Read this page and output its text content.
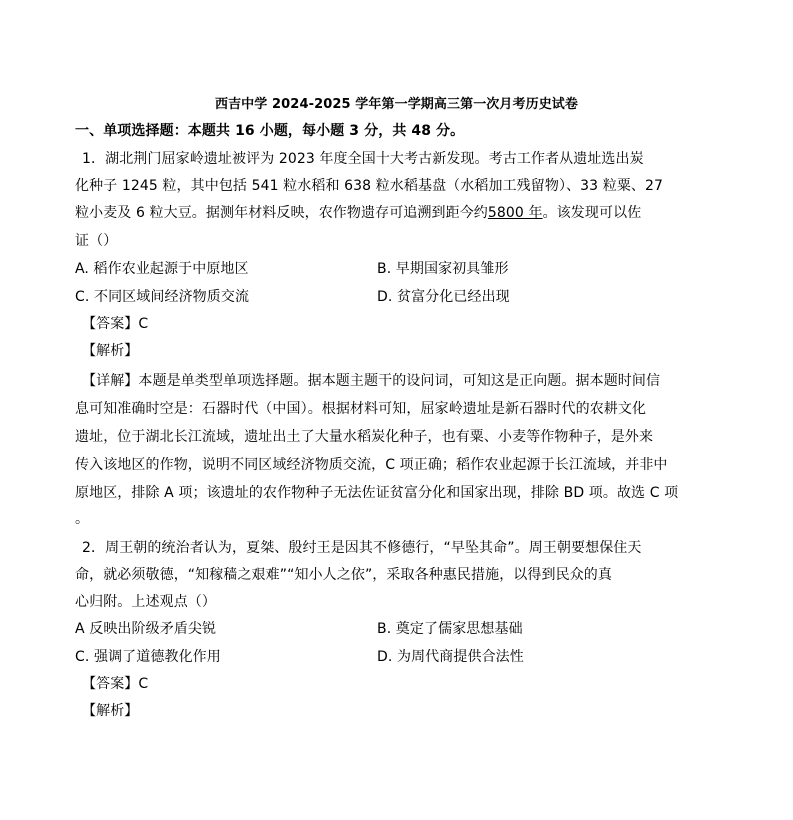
西吉中学 2024-2025 学年第一学期高三第一次月考历史试卷
一、单项选择题：本题共 16 小题，每小题 3 分，共 48 分。
1．湖北荆门屈家岭遗址被评为 2023 年度全国十大考古新发现。考古工作者从遗址选出炭
化种子 1245 粒，其中包括 541 粒水稻和 638 粒水稻基盘（水稻加工残留物）、33 粒粟、27
粒小麦及 6 粒大豆。据测年材料反映，农作物遗存可追溯到距今约5800 年。该发现可以佐
证（）
A. 稻作农业起源于中原地区	B. 早期国家初具雏形
C. 不同区域间经济物质交流	D. 贫富分化已经出现
【答案】C
【解析】
【详解】本题是单类型单项选择题。据本题主题干的设问词，可知这是正向题。据本题时间信
息可知准确时空是：石器时代（中国）。根据材料可知，屈家岭遗址是新石器时代的农耕文化
遗址，位于湖北长江流域，遗址出土了大量水稻炭化种子，也有粟、小麦等作物种子，是外来
传入该地区的作物，说明不同区域经济物质交流，C 项正确；稻作农业起源于长江流域，并非中
原地区，排除 A 项；该遗址的农作物种子无法佐证贫富分化和国家出现，排除 BD 项。故选 C 项
。
2．周王朝的统治者认为，夏桀、殷纣王是因其不修德行，“早坠其命”。周王朝要想保住天
命，就必须敬德，“知稼穑之艰难”“知小人之依”，采取各种惠民措施，以得到民众的真
心归附。上述观点（）
A 反映出阶级矛盾尖锐	B. 奠定了儒家思想基础
C. 强调了道德教化作用	D. 为周代商提供合法性
【答案】C
【解析】
